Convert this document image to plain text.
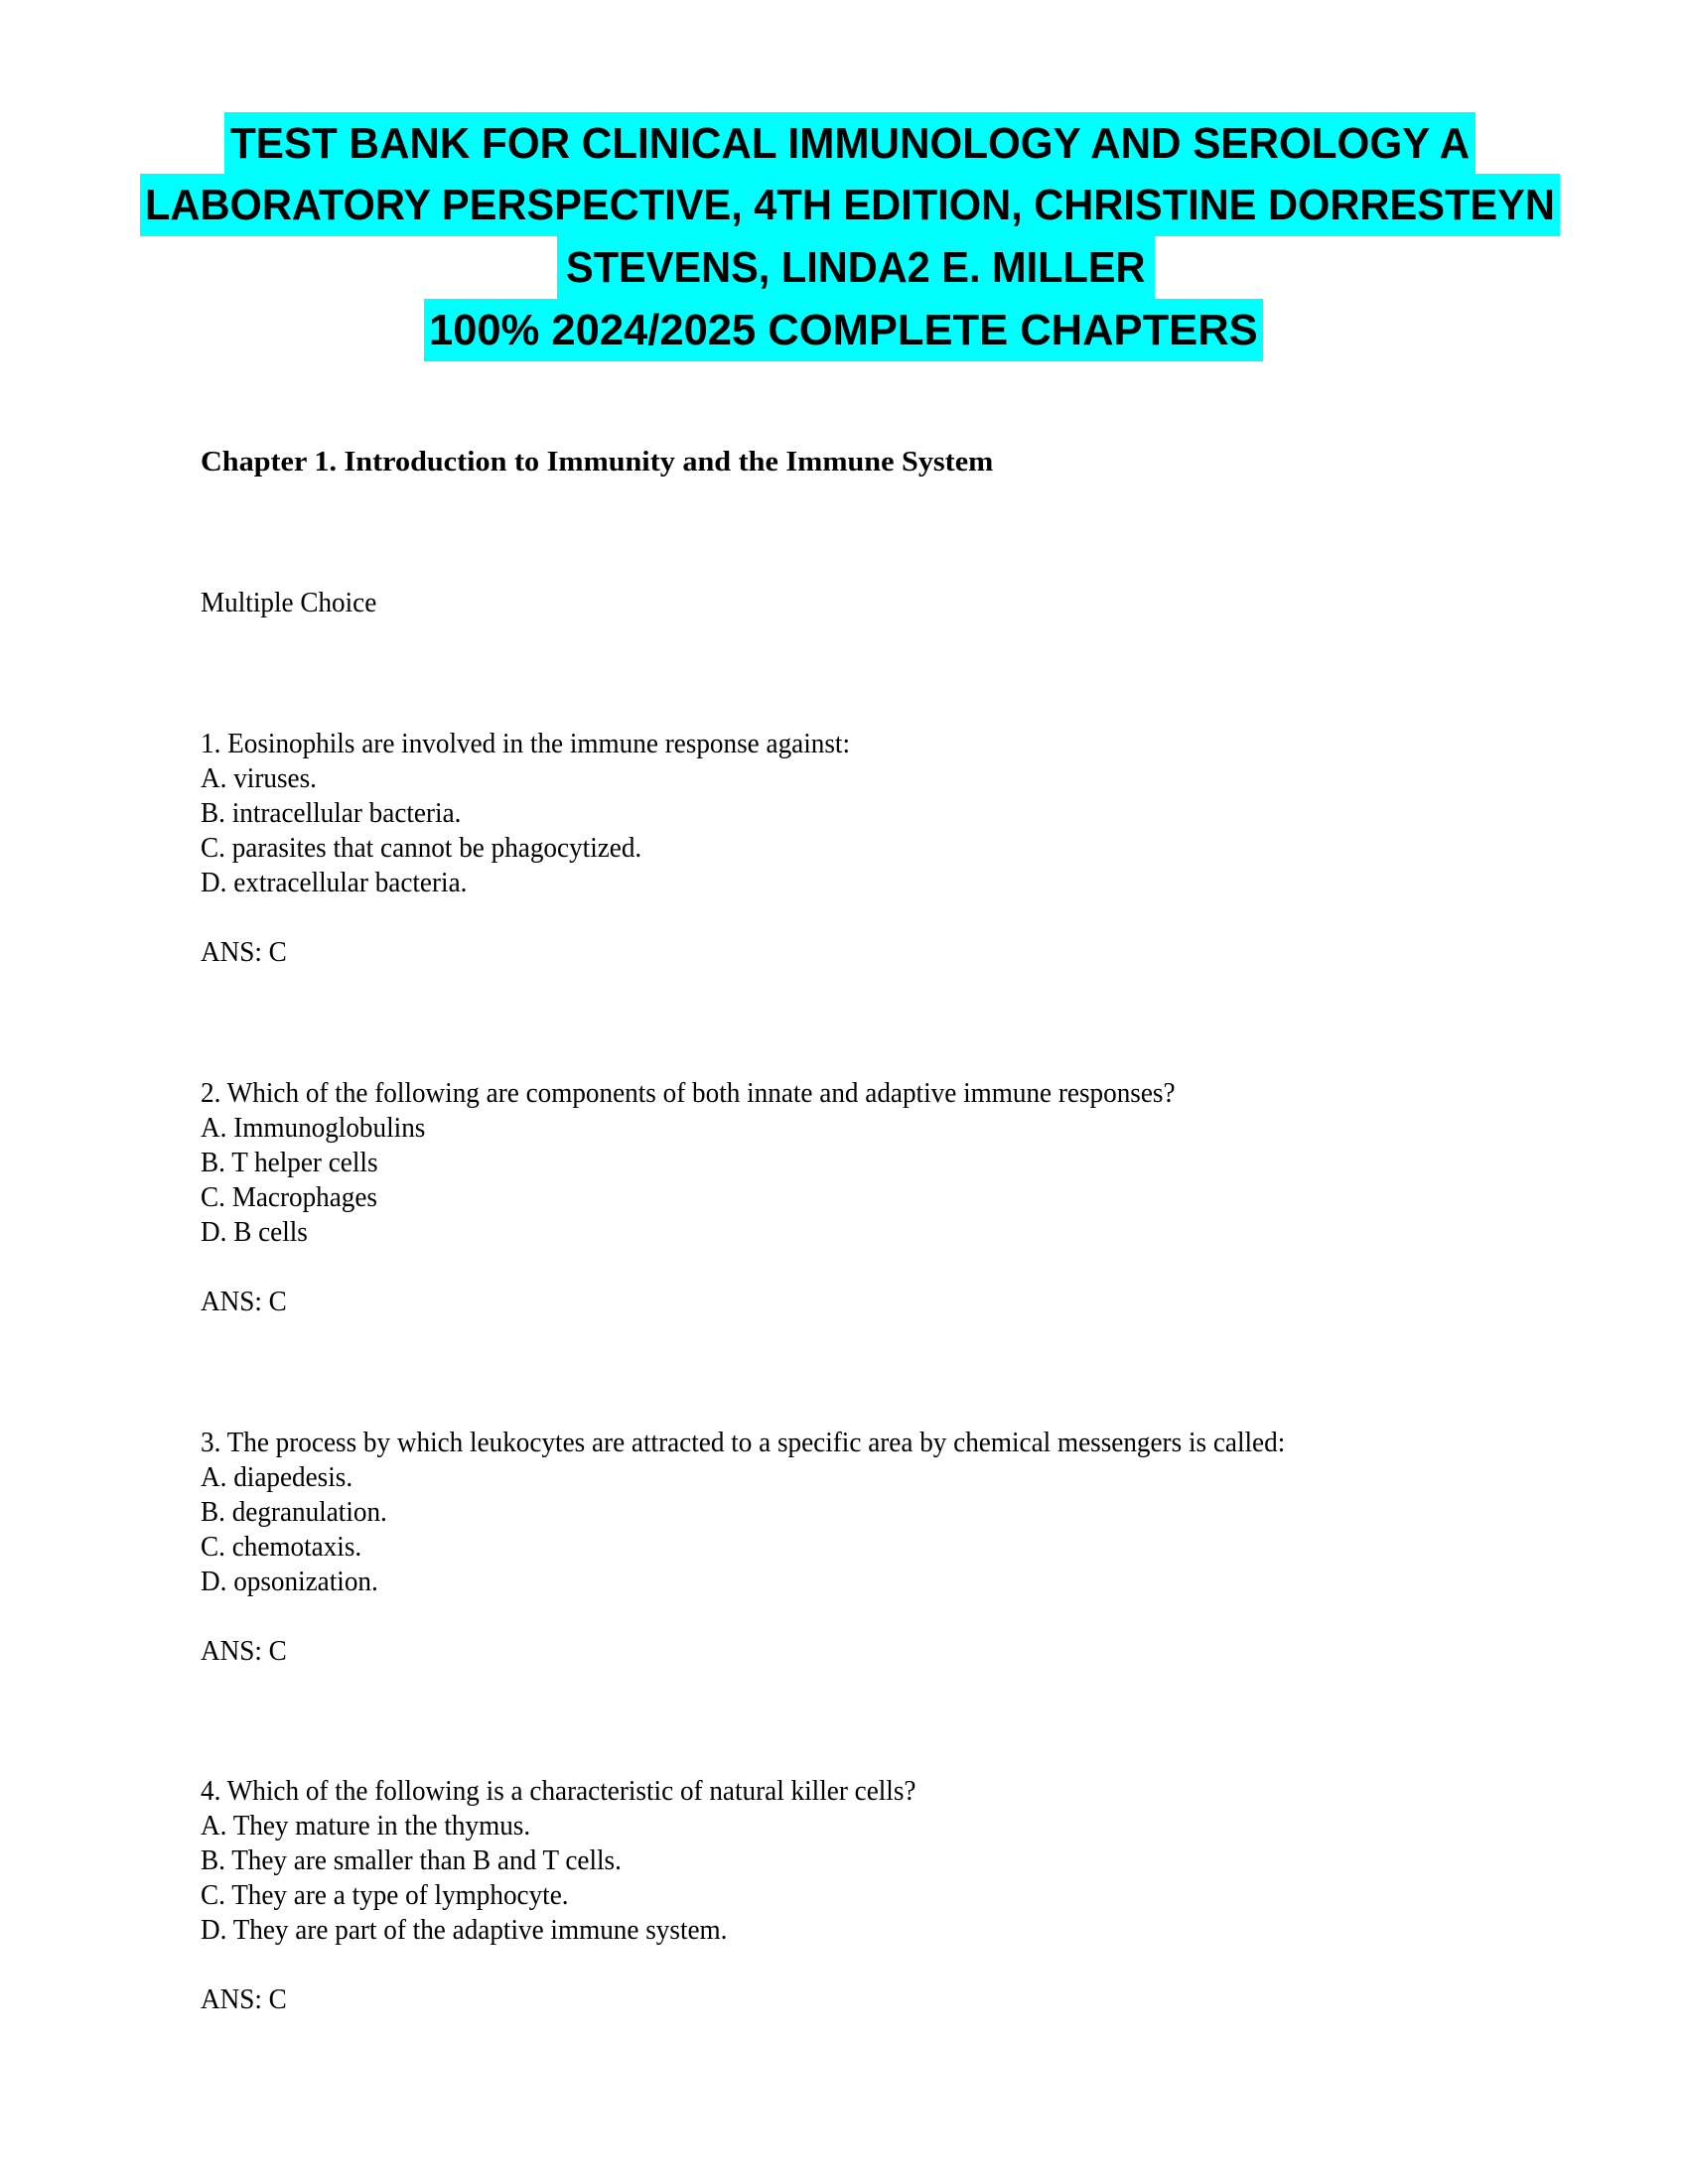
TEST BANK FOR CLINICAL IMMUNOLOGY AND SEROLOGY A
LABORATORY PERSPECTIVE, 4TH EDITION, CHRISTINE DORRESTEYN
STEVENS, LINDA2 E. MILLER
100% 2024/2025 COMPLETE CHAPTERS
Chapter 1. Introduction to Immunity and the Immune System
Multiple Choice
1. Eosinophils are involved in the immune response against:
A. viruses.
B. intracellular bacteria.
C. parasites that cannot be phagocytized.
D. extracellular bacteria.
ANS: C
2. Which of the following are components of both innate and adaptive immune responses?
A. Immunoglobulins
B. T helper cells
C. Macrophages
D. B cells
ANS: C
3. The process by which leukocytes are attracted to a specific area by chemical messengers is called:
A. diapedesis.
B. degranulation.
C. chemotaxis.
D. opsonization.
ANS: C
4. Which of the following is a characteristic of natural killer cells?
A. They mature in the thymus.
B. They are smaller than B and T cells.
C. They are a type of lymphocyte.
D. They are part of the adaptive immune system.
ANS: C
